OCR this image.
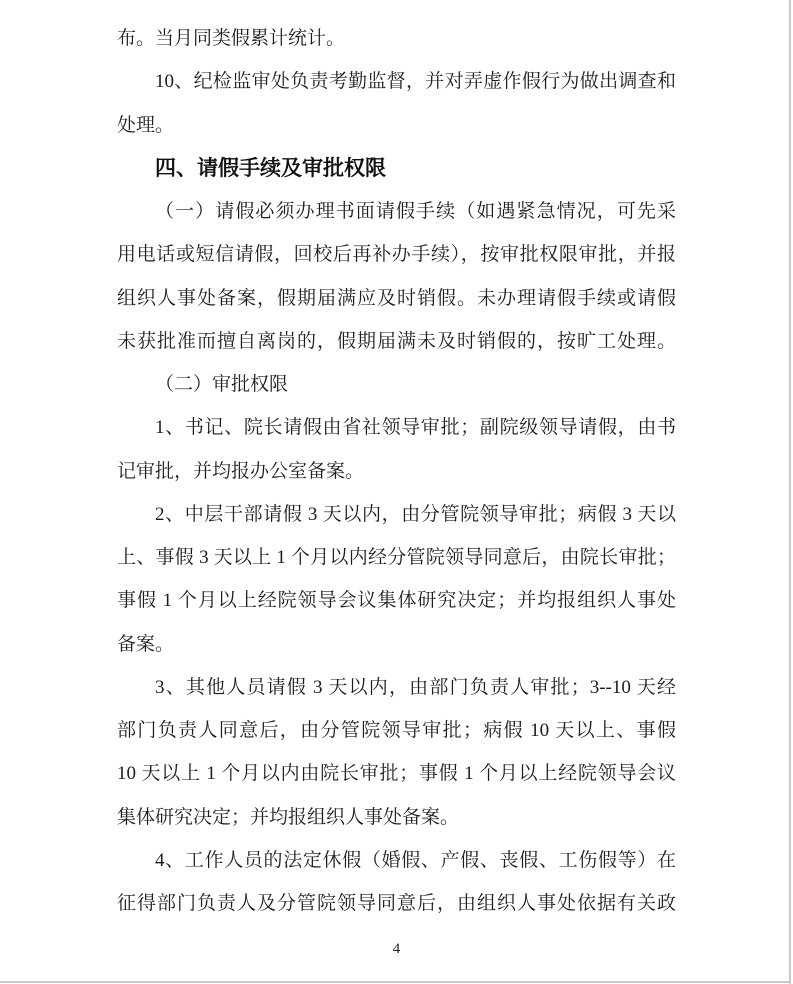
布。当月同类假累计统计。
10、纪检监审处负责考勤监督，并对弄虚作假行为做出调查和
处理。
四、请假手续及审批权限
（一）请假必须办理书面请假手续（如遇紧急情况，可先采
用电话或短信请假，回校后再补办手续），按审批权限审批，并报
组织人事处备案，假期届满应及时销假。未办理请假手续或请假
未获批准而擅自离岗的，假期届满未及时销假的，按旷工处理。
（二）审批权限
1、书记、院长请假由省社领导审批；副院级领导请假，由书
记审批，并均报办公室备案。
2、中层干部请假 3 天以内，由分管院领导审批；病假 3 天以
上、事假 3 天以上 1 个月以内经分管院领导同意后，由院长审批；
事假 1 个月以上经院领导会议集体研究决定；并均报组织人事处
备案。
3、其他人员请假 3 天以内，由部门负责人审批；3--10 天经
部门负责人同意后，由分管院领导审批；病假 10 天以上、事假
10 天以上 1 个月以内由院长审批；事假 1 个月以上经院领导会议
集体研究决定；并均报组织人事处备案。
4、工作人员的法定休假（婚假、产假、丧假、工伤假等）在
征得部门负责人及分管院领导同意后，由组织人事处依据有关政
4
